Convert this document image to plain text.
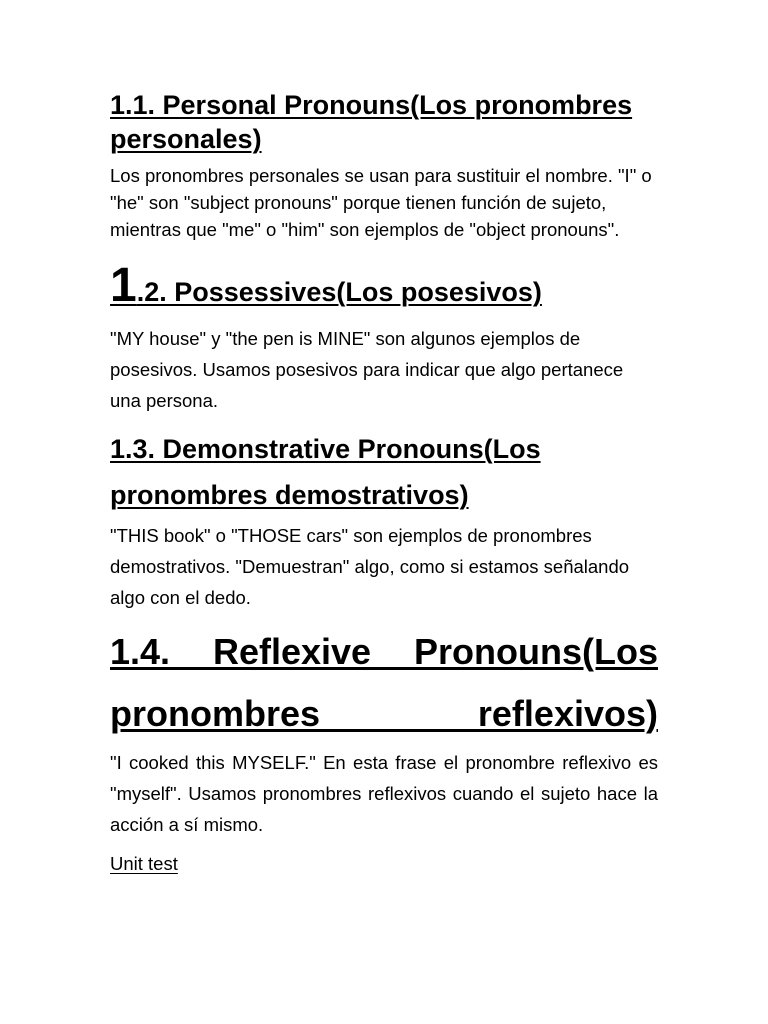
1.1. Personal Pronouns(Los pronombres personales)

Los pronombres personales se usan para sustituir el nombre. "I" o "he" son "subject pronouns" porque tienen función de sujeto, mientras que "me" o "him" son ejemplos de "object pronouns".

1.2. Possessives(Los posesivos)

"MY house" y "the pen is MINE" son algunos ejemplos de posesivos. Usamos posesivos para indicar que algo pertanece una persona.

1.3. Demonstrative Pronouns(Los pronombres demostrativos)

"THIS book" o "THOSE cars" son ejemplos de pronombres demostrativos. "Demuestran" algo, como si estamos señalando algo con el dedo.

1.4. Reflexive Pronouns(Los pronombres reflexivos)

"I cooked this MYSELF." En esta frase el pronombre reflexivo es "myself". Usamos pronombres reflexivos cuando el sujeto hace la acción a sí mismo.

Unit test
